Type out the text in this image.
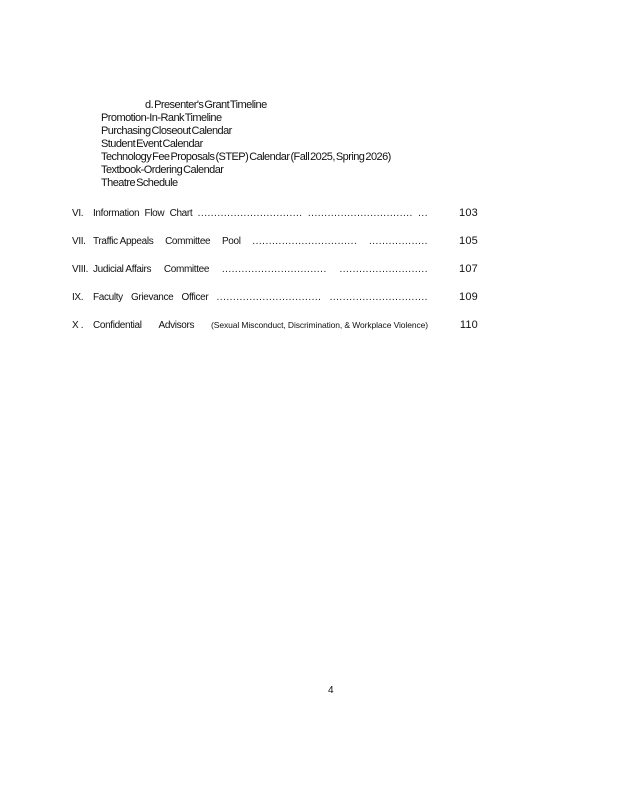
d. Presenter's Grant Timeline
Promotion-In-Rank Timeline
Purchasing Closeout Calendar
Student Event Calendar
Technology Fee Proposals (STEP) Calendar (Fall 2025, Spring 2026)
Textbook-Ordering Calendar
Theatre Schedule
VI. Information Flow Chart ................................ ................................ ...	103
VII. Traffic Appeals Committee Pool ................................ ..................	105
VIII. Judicial Affairs Committee ................................ ...........................	107
IX. Faculty Grievance Officer ................................ ..............................	109
X . Confidential Advisors (Sexual Misconduct, Discrimination, & Workplace Violence)	110
4
